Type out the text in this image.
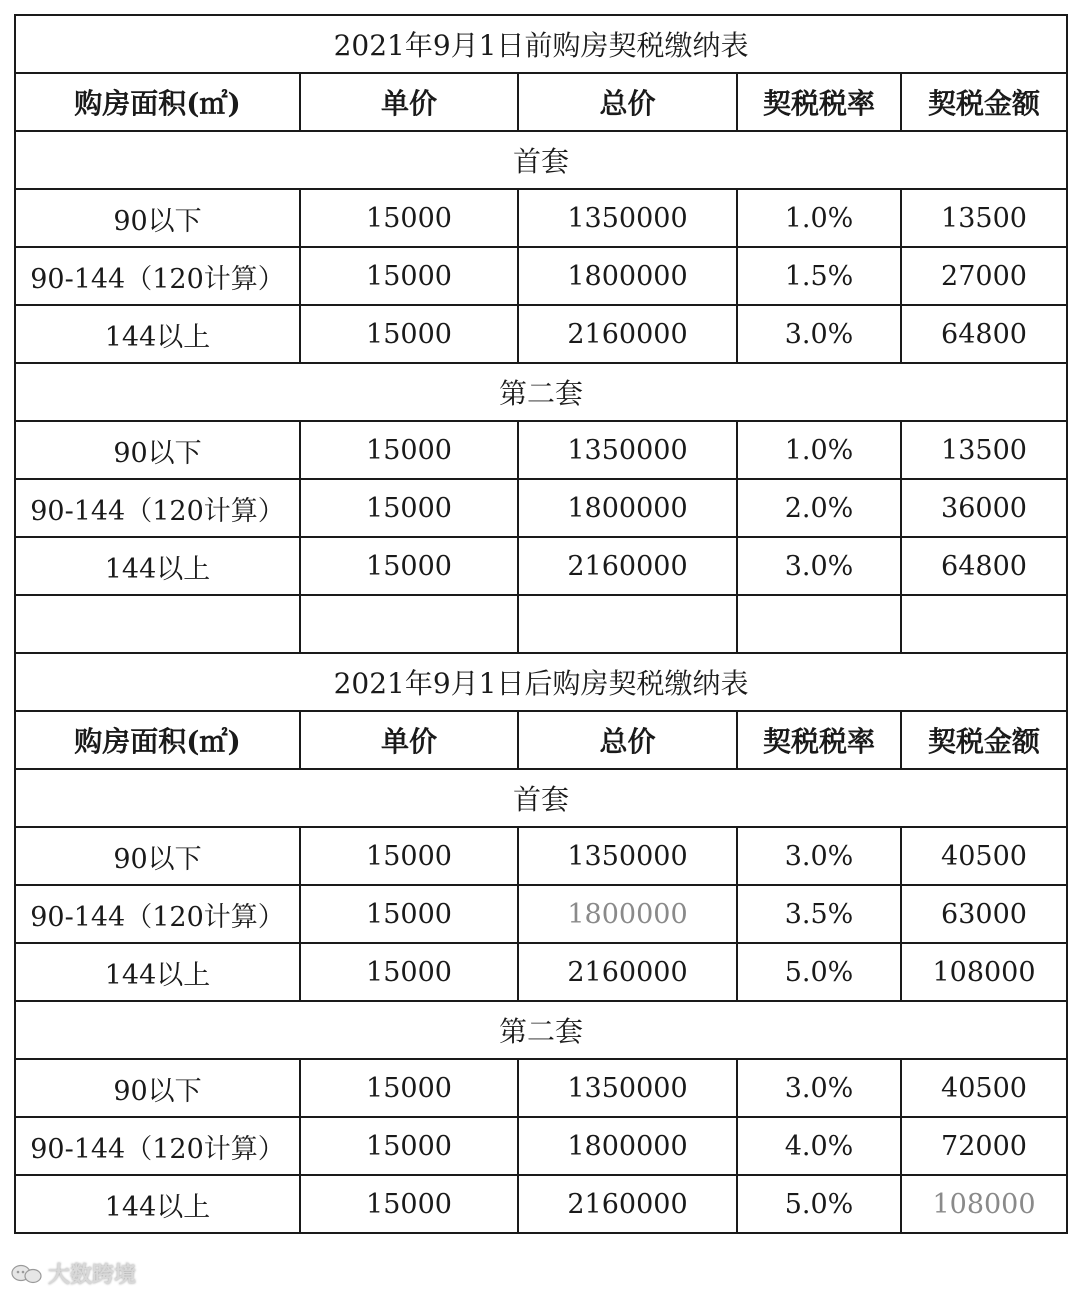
2021年9月1日前购房契税缴纳表				
购房面积(㎡)	单价	总价	契税税率	契税金额
首套				
90以下	15000	1350000	1.0%	13500
90-144（120计算）	15000	1800000	1.5%	27000
144以上	15000	2160000	3.0%	64800
第二套				
90以下	15000	1350000	1.0%	13500
90-144（120计算）	15000	1800000	2.0%	36000
144以上	15000	2160000	3.0%	64800

2021年9月1日后购房契税缴纳表				
购房面积(㎡)	单价	总价	契税税率	契税金额
首套				
90以下	15000	1350000	3.0%	40500
90-144（120计算）	15000	1800000	3.5%	63000
144以上	15000	2160000	5.0%	108000
第二套				
90以下	15000	1350000	3.0%	40500
90-144（120计算）	15000	1800000	4.0%	72000
144以上	15000	2160000	5.0%	108000
大数跨境
